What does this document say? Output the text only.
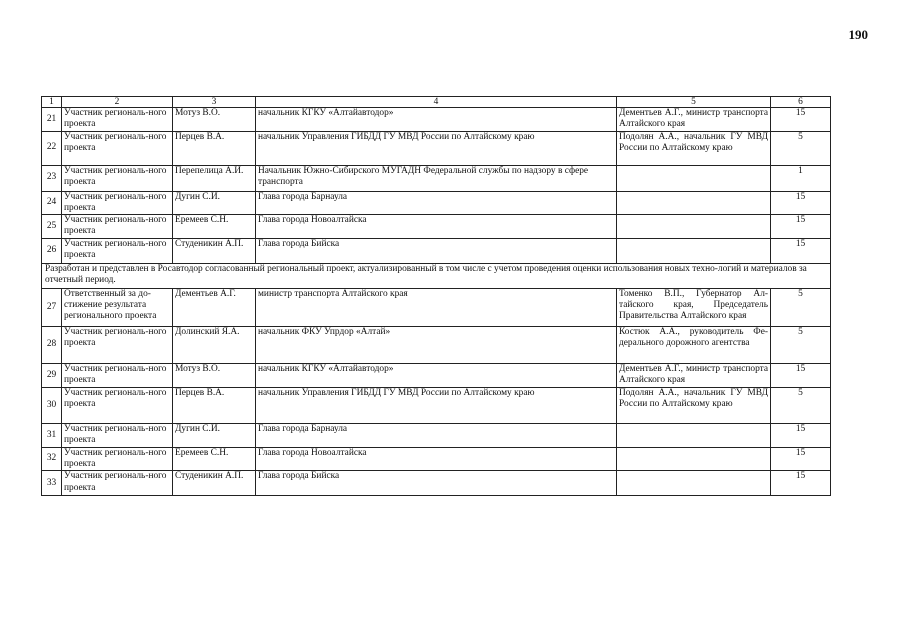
190
1	2	3	4	5	6
21	Участник региональ-ного проекта	Мотуз В.О.	начальник КГКУ «Алтайавтодор»	Дементьев А.Г., министр транспорта Алтайского края	15
22	Участник региональ-ного проекта	Перцев В.А.	начальник Управления ГИБДД ГУ МВД России по Алтайскому краю	Подолян А.А., начальник ГУ МВД России по Алтайскому краю	5
23	Участник региональ-ного проекта	Перепелица А.И.	Начальник Южно-Сибирского МУГАДН Федеральной службы по надзору в сфере транспорта		1
24	Участник региональ-ного проекта	Дугин С.И.	Глава города Барнаула		15
25	Участник региональ-ного проекта	Еремеев С.Н.	Глава города Новоалтайска		15
26	Участник региональ-ного проекта	Студеникин А.П.	Глава города Бийска		15
Разработан и представлен в Росавтодор согласованный региональный проект, актуализированный в том числе с учетом проведения оценки использования новых техно-логий и материалов за отчетный период.					
27	Ответственный за до-стижение результата регионального проекта	Дементьев А.Г.	министр транспорта Алтайского края	Томенко В.П., Губернатор Ал-тайского края, Председатель Правительства Алтайского края	5
28	Участник региональ-ного проекта	Долинский Я.А.	начальник ФКУ Упрдор «Алтай»	Костюк А.А., руководитель Фе-дерального дорожного агентства	5
29	Участник региональ-ного проекта	Мотуз В.О.	начальник КГКУ «Алтайавтодор»	Дементьев А.Г., министр транспорта Алтайского края	15
30	Участник региональ-ного проекта	Перцев В.А.	начальник Управления ГИБДД ГУ МВД России по Алтайскому краю	Подолян А.А., начальник ГУ МВД России по Алтайскому краю	5
31	Участник региональ-ного проекта	Дугин С.И.	Глава города Барнаула		15
32	Участник региональ-ного проекта	Еремеев С.Н.	Глава города Новоалтайска		15
33	Участник региональ-ного проекта	Студеникин А.П.	Глава города Бийска		15
